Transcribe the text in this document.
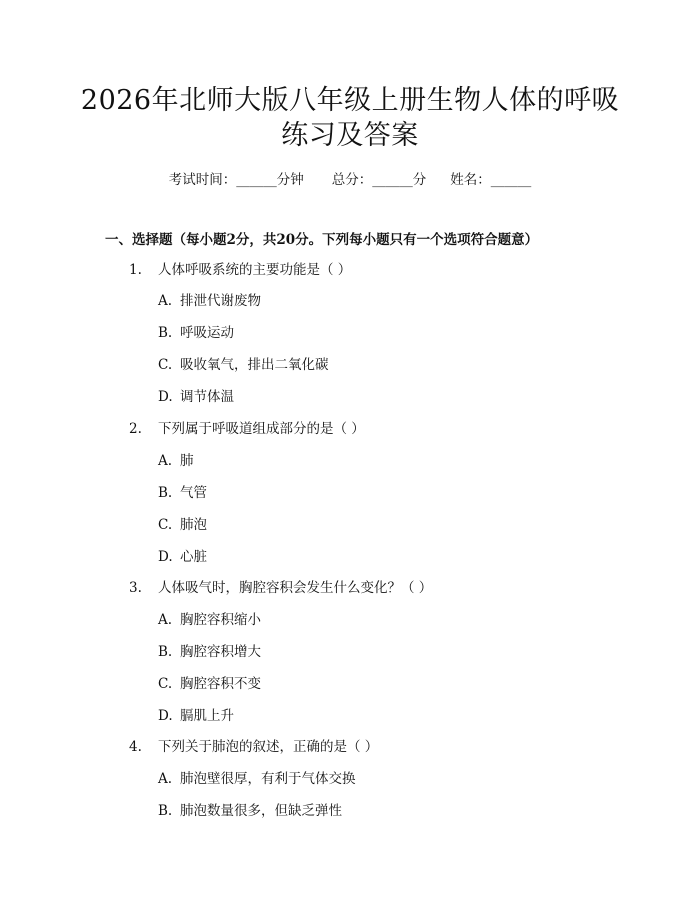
2026年北师大版八年级上册生物人体的呼吸
练习及答案
考试时间：______分钟 总分：______分 姓名：______
一、选择题（每小题2分，共20分。下列每小题只有一个选项符合题意）
1. 人体呼吸系统的主要功能是（ ）
A. 排泄代谢废物
B. 呼吸运动
C. 吸收氧气，排出二氧化碳
D. 调节体温
2. 下列属于呼吸道组成部分的是（ ）
A. 肺
B. 气管
C. 肺泡
D. 心脏
3. 人体吸气时，胸腔容积会发生什么变化？（ ）
A. 胸腔容积缩小
B. 胸腔容积增大
C. 胸腔容积不变
D. 膈肌上升
4. 下列关于肺泡的叙述，正确的是（ ）
A. 肺泡壁很厚，有利于气体交换
B. 肺泡数量很多，但缺乏弹性
